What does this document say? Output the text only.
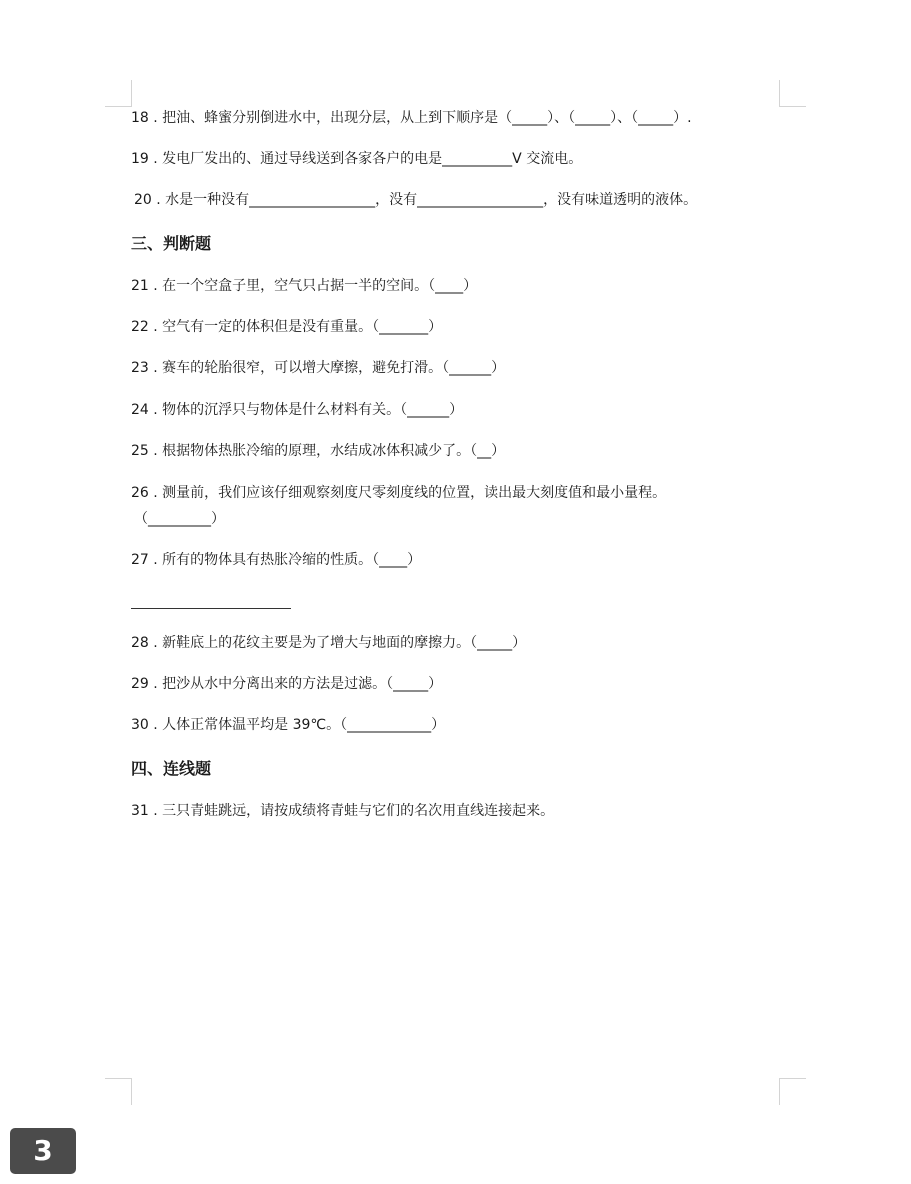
18 . 把油、蜂蜜分别倒进水中，出现分层，从上到下顺序是（_____）、（_____）、（_____）.
19 . 发电厂发出的、通过导线送到各家各户的电是__________V 交流电。
20 . 水是一种没有__________________，没有__________________，没有味道透明的液体。
三、判断题
21 . 在一个空盒子里，空气只占据一半的空间。（____）
22 . 空气有一定的体积但是没有重量。（_______）
23 . 赛车的轮胎很窄，可以增大摩擦，避免打滑。（______）
24 . 物体的沉浮只与物体是什么材料有关。（______）
25 . 根据物体热胀冷缩的原理，水结成冰体积减少了。（__）
26 . 测量前，我们应该仔细观察刻度尺零刻度线的位置，读出最大刻度值和最小量程。
（_________）
27 . 所有的物体具有热胀冷缩的性质。（____）
28 . 新鞋底上的花纹主要是为了增大与地面的摩擦力。（_____）
29 . 把沙从水中分离出来的方法是过滤。（_____）
30 . 人体正常体温平均是 39℃。（____________）
四、连线题
31 . 三只青蛙跳远，请按成绩将青蛙与它们的名次用直线连接起来。
3
